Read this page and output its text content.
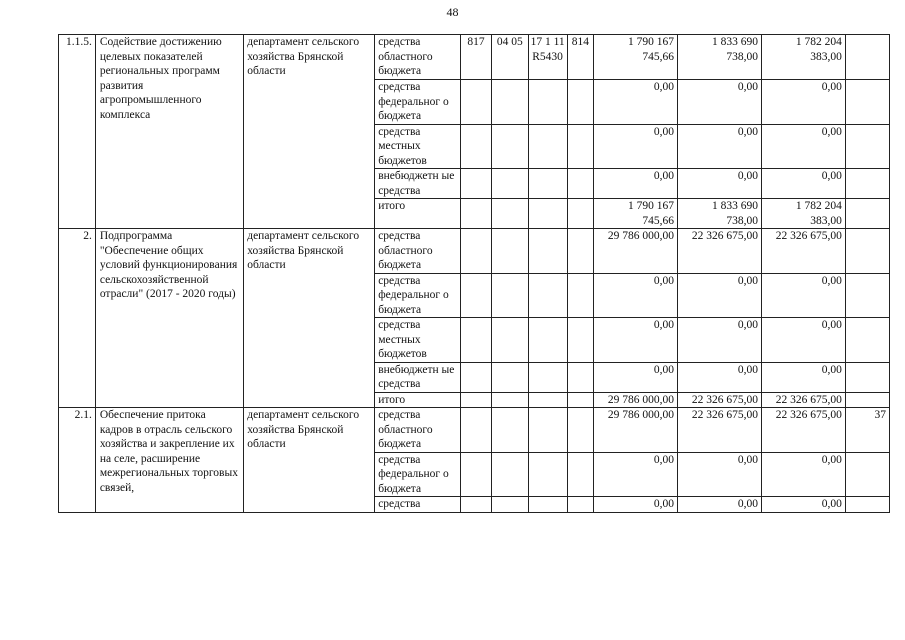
48
1.1.5.	Содействие достижению целевых показателей региональных программ развития агропромышленного комплекса	департамент сельского хозяйства Брянской области	средства областного бюджета	817	04 05	17 1 11 R5430	814	1 790 167 745,66	1 833 690 738,00	1 782 204 383,00	
			средства федеральног о бюджета					0,00	0,00	0,00	
			средства местных бюджетов					0,00	0,00	0,00	
			внебюджетн ые средства					0,00	0,00	0,00	
			итого					1 790 167 745,66	1 833 690 738,00	1 782 204 383,00	
2.	Подпрограмма "Обеспечение общих условий функционирования сельскохозяйственной отрасли" (2017 - 2020 годы)	департамент сельского хозяйства Брянской области	средства областного бюджета					29 786 000,00	22 326 675,00	22 326 675,00	
			средства федеральног о бюджета					0,00	0,00	0,00	
			средства местных бюджетов					0,00	0,00	0,00	
			внебюджетн ые средства					0,00	0,00	0,00	
			итого					29 786 000,00	22 326 675,00	22 326 675,00	
2.1.	Обеспечение притока кадров в отрасль сельского хозяйства и закрепление их на селе, расширение межрегиональных торговых связей,	департамент сельского хозяйства Брянской области	средства областного бюджета					29 786 000,00	22 326 675,00	22 326 675,00	37
			средства федеральног о бюджета					0,00	0,00	0,00	
			средства					0,00	0,00	0,00	
